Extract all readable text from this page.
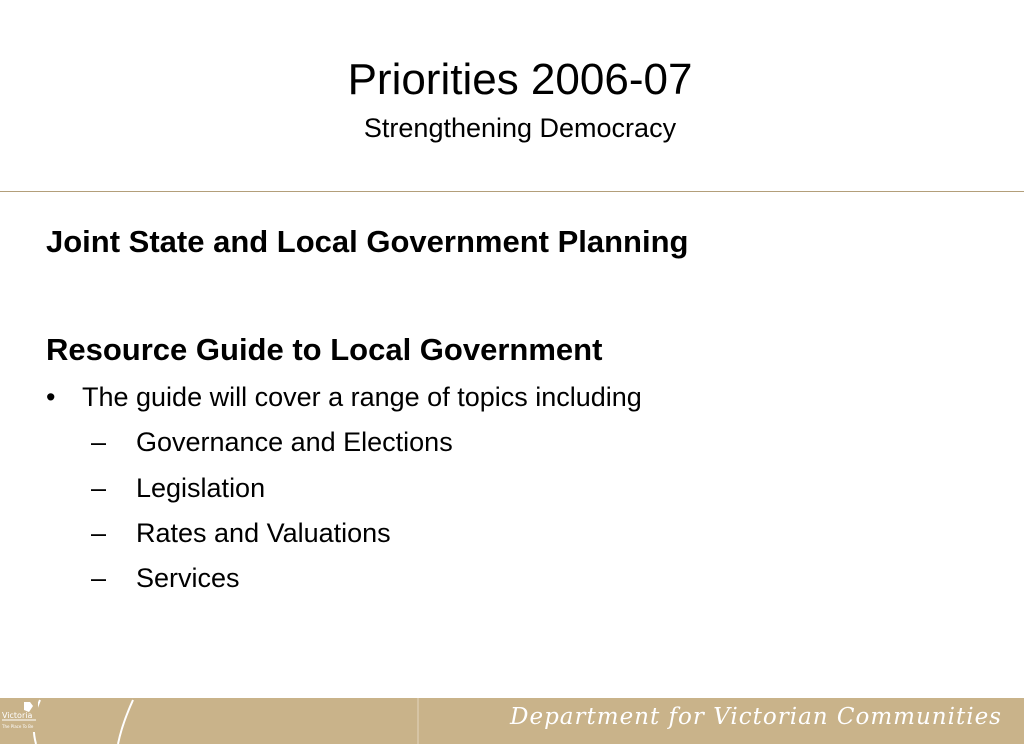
Priorities 2006-07
Strengthening Democracy

Joint State and Local Government Planning

Resource Guide to Local Government

• The guide will cover a range of topics including
– Governance and Elections
– Legislation
– Rates and Valuations
– Services
Victoria
The Place To Be	Department for Victorian Communities
